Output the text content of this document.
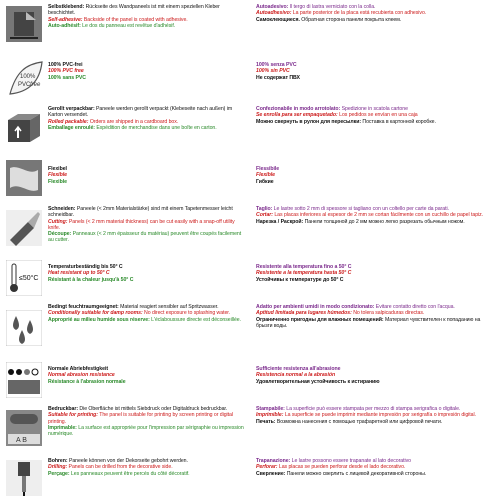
Selbstklebend: Rückseite des Wandpaneels ist mit einem speziellen Kleber beschichtet.
Self-adhesive: Backside of the panel is coated with adhesive.
Auto-adhésif: Le dos du panneau est revêtue d'adhésif.
Autoadesivo: Il tergo di lastra verniciato con la colla.
Autoadhesivo: La parte posterior de la placa está recubierta con adhesivo.
Самоклеющиеся. Обратная сторона панели покрыта клеем.
100%
PVC free
100% PVC-frei
100% PVC free
100% sans PVC
100% senza PVC
100% sin PVC
Не содержат ПВХ
Gerollt verpackbar: Paneele werden gerollt verpackt (Klebeseite nach außen) im Karton versendet.
Rolled packable: Orders are shipped in a cardboard box.
Emballage enroulé: Expédition de merchandise dans une boîte en carton.
Confezionabile in modo arrotolato: Spedizione in scatola cartone
Se enrolla para ser empaquetado: Los pedidos se envían en una caja
Можно свернуть в рулон для пересылки: Поставка в картонной коробке.
Flexibel
Flexible
Flexible
Flessibile
Flexible
Гибкие
Schneiden: Paneele (< 2mm Materialstärke) sind mit einem Tapetenmesser leicht schneidbar.
Cutting: Panels (< 2 mm material thickness) can be cut easily with a snap-off utility knife.
Découpe: Panneaux (< 2 mm épaisseur du matériau) peuvent être coupés facilement au cutter.
Taglio: Le lastre sotto 2 mm di spessore si tagliano con un coltello per carte da parati.
Cortar: Las placas inferiores al espesor de 2 mm se cortan fácilmente con un cuchillo de papel tapiz.
Нарезка / Раскрой: Панели толщиной до 2 мм можно легко разрезать обычным ножом.
≤50°C
Temperaturbeständig bis 50° C
Heat resistant up to 50° C
Résistant à la chaleur jusqu'à 50° C
Resistente alla temperatura fino a 50° C
Resistente a la temperatura hasta 50° C
Устойчивы к температуре до 50° C
Bedingt feuchtraumgeeignet: Material reagiert sensibler auf Spritzwasser.
Conditionally suitable for damp rooms: No direct exposure to splashing water.
Approprié au milieu humide sous réserve: L'éclaboussure directe est déconseillée.
Adatto per ambienti umidi in modo condizionato: Evitare contatto diretto con l'acqua.
Aptitud limitada para lugares húmedos: No tolera salpicaduras directas.
Ограниченно пригодны для влажных помещений: Материал чувствителен к попаданию на брызги воды.
Normale Abriebfestigkeit
Normal abrasion resistance
Résistance à l'abrasion normale
Sufficiente resistenza all'abrasione
Resistencia normal a la abrasión
Удовлетворительная устойчивость к истиранию
A B
Bedruckbar: Die Oberfläche ist mittels Siebdruck oder Digitaldruck bedruckbar.
Suitable for printing: The panel is suitable for printing by screen printing or digital printing.
Imprimable: La surface est appropriée pour l'impression par sérigraphie ou impression numérique.
Stampabile: La superficie può essere stampata per mezzo di stampa serigrafica o digitale.
Imprimible: La superficie se puede imprimir mediante impresión por serigrafía o impresión digital.
Печать: Возможна нанесения с помощью трафаретной или цифровой печати.
Bohren: Paneele können von der Dekorseite gebohrt werden.
Drilling: Panels can be drilled from the decorative side.
Perçage: Les panneaux peuvent être percés du côté décoratif.
Trapanazione: Le lastre possono essere trapanate al lato decorativo
Perforar: Las placas se pueden perforar desde el lado decorativo.
Сверление: Панели можно сверлить с лицевой декоративной стороны.
